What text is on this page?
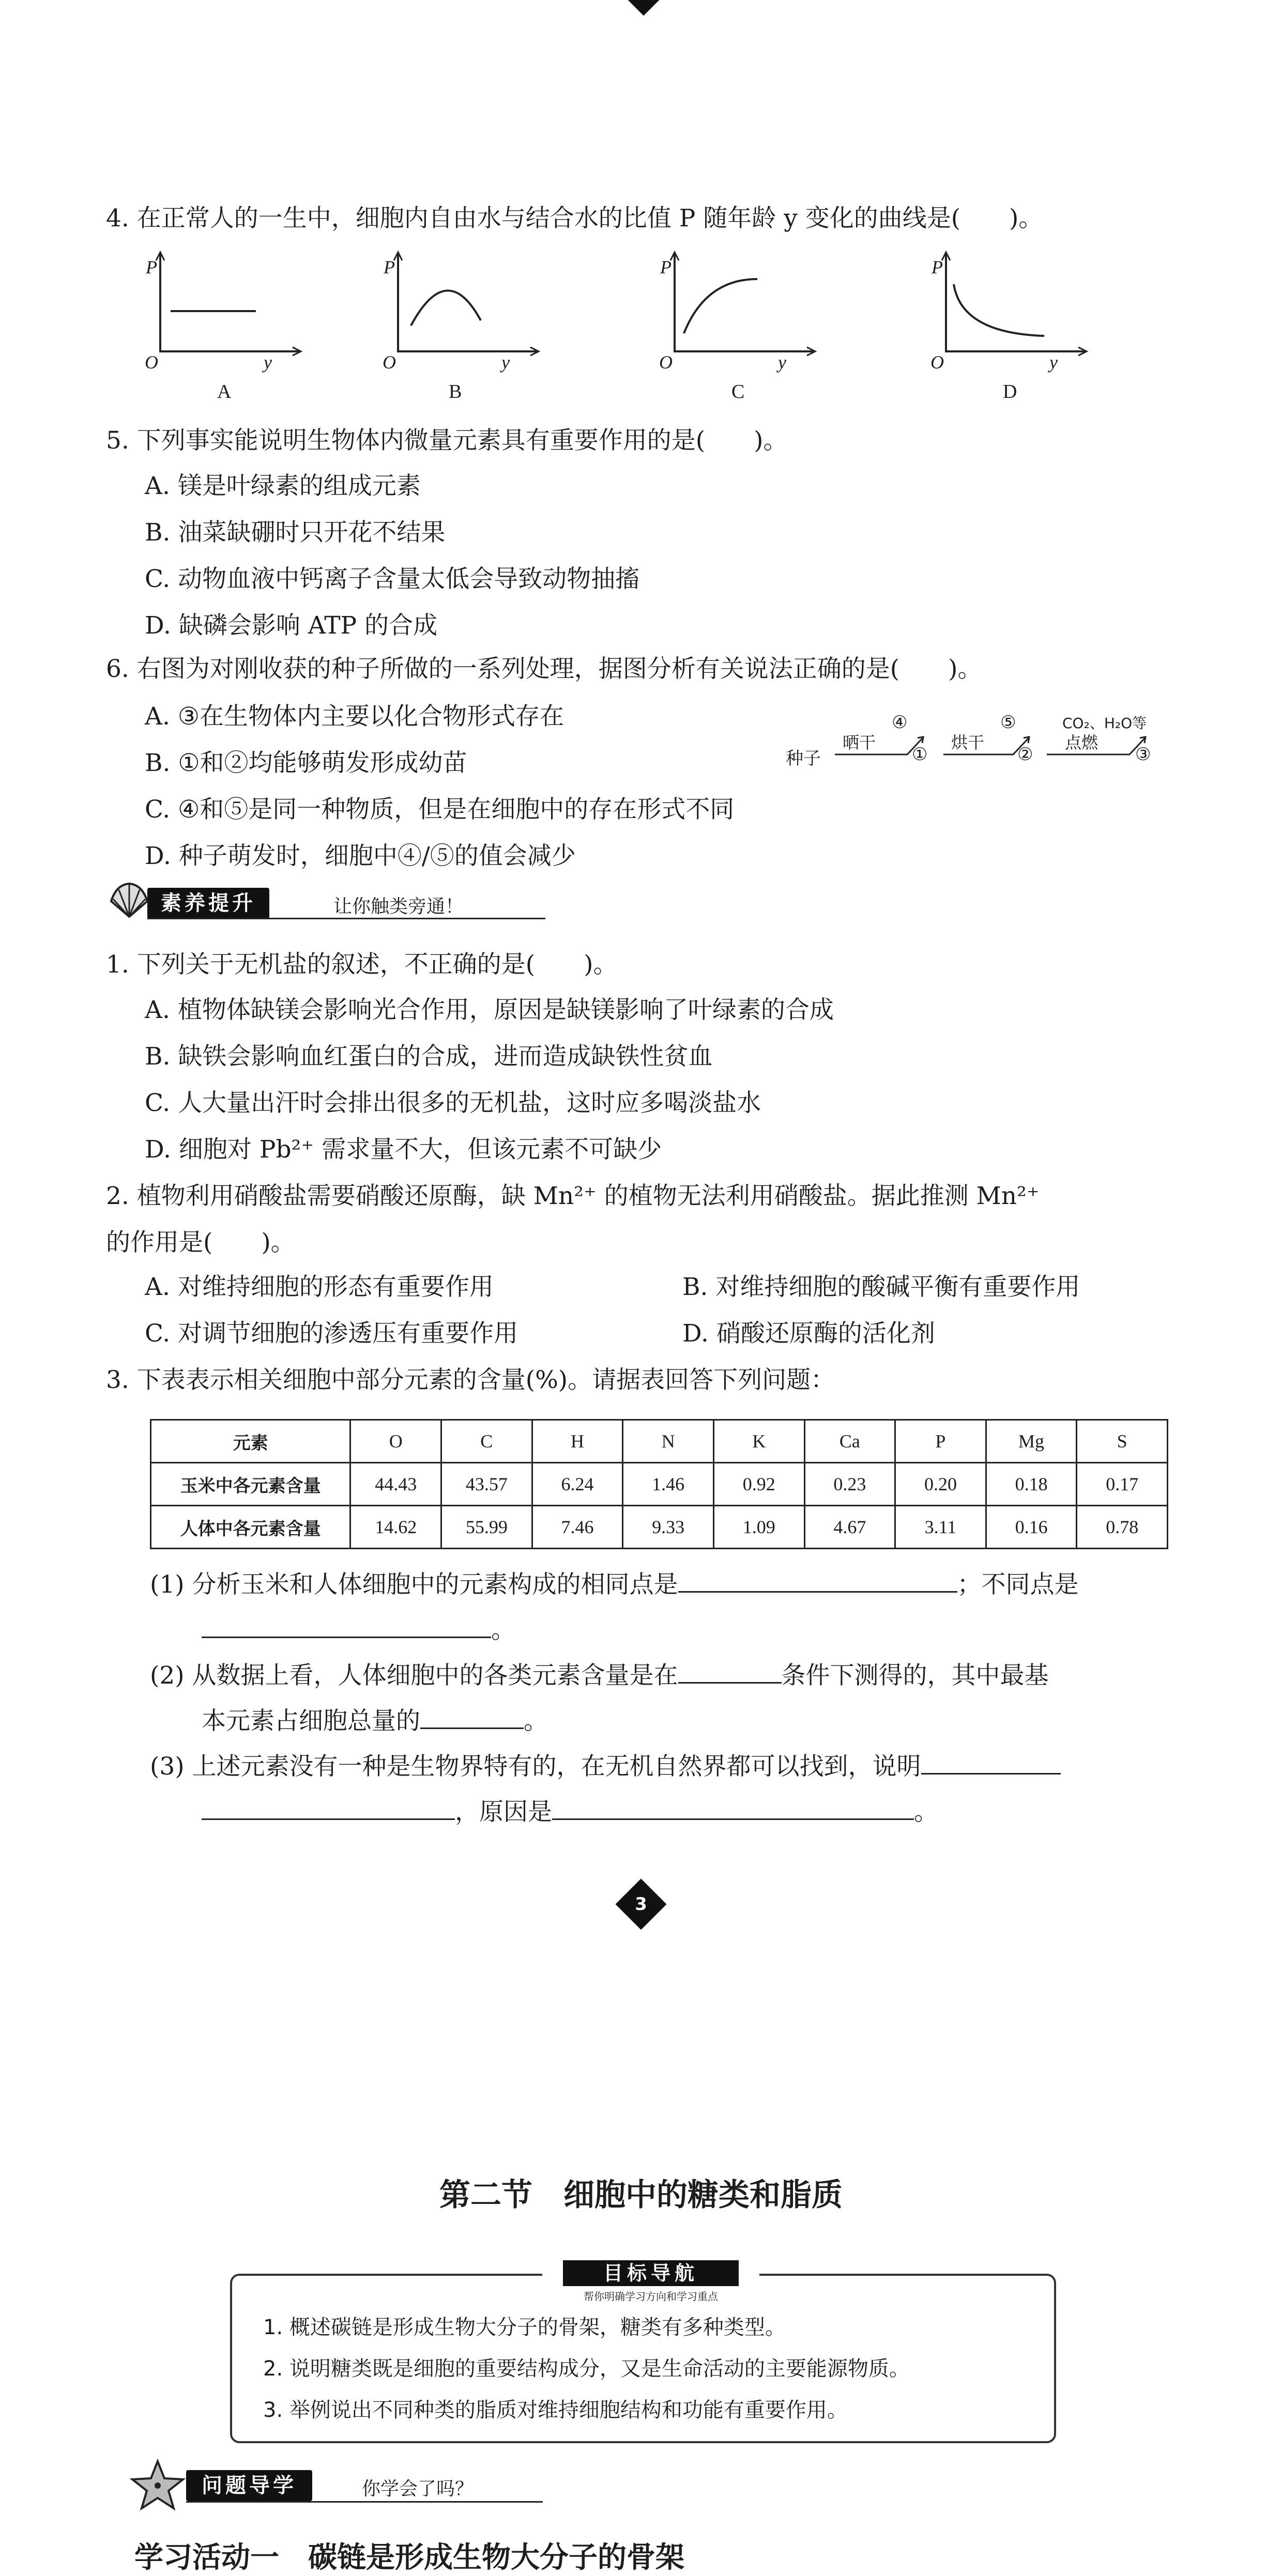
4. 在正常人的一生中，细胞内自由水与结合水的比值 P 随年龄 y 变化的曲线是(　　)。
P
O	y
A
P
O	y
B
P
O	y
C
P
O	y
D
5. 下列事实能说明生物体内微量元素具有重要作用的是(　　)。
A. 镁是叶绿素的组成元素
B. 油菜缺硼时只开花不结果
C. 动物血液中钙离子含量太低会导致动物抽搐
D. 缺磷会影响 ATP 的合成
6. 右图为对刚收获的种子所做的一系列处理，据图分析有关说法正确的是(　　)。
A. ③在生物体内主要以化合物形式存在
B. ①和②均能够萌发形成幼苗
C. ④和⑤是同一种物质，但是在细胞中的存在形式不同
D. 种子萌发时，细胞中④/⑤的值会减少
种子
晒干
④
①
烘干
⑤
②
点燃
CO₂、H₂O等
③
素养提升	让你触类旁通！
1. 下列关于无机盐的叙述，不正确的是(　　)。
A. 植物体缺镁会影响光合作用，原因是缺镁影响了叶绿素的合成
B. 缺铁会影响血红蛋白的合成，进而造成缺铁性贫血
C. 人大量出汗时会排出很多的无机盐，这时应多喝淡盐水
D. 细胞对 Pb²⁺ 需求量不大，但该元素不可缺少
2. 植物利用硝酸盐需要硝酸还原酶，缺 Mn²⁺ 的植物无法利用硝酸盐。据此推测 Mn²⁺
的作用是(　　)。
A. 对维持细胞的形态有重要作用	B. 对维持细胞的酸碱平衡有重要作用
C. 对调节细胞的渗透压有重要作用	D. 硝酸还原酶的活化剂
3. 下表表示相关细胞中部分元素的含量(%)。请据表回答下列问题：
元素	O	C	H	N	K	Ca	P	Mg	S
玉米中各元素含量	44.43	43.57	6.24	1.46	0.92	0.23	0.20	0.18	0.17
人体中各元素含量	14.62	55.99	7.46	9.33	1.09	4.67	3.11	0.16	0.78
(1) 分析玉米和人体细胞中的元素构成的相同点是	；不同点是
。
(2) 从数据上看，人体细胞中的各类元素含量是在	条件下测得的，其中最基
本元素占细胞总量的	。
(3) 上述元素没有一种是生物界特有的，在无机自然界都可以找到，说明
，原因是	。
3
第二节　细胞中的糖类和脂质
目标导航
帮你明确学习方向和学习重点
1. 概述碳链是形成生物大分子的骨架，糖类有多种类型。
2. 说明糖类既是细胞的重要结构成分，又是生命活动的主要能源物质。
3. 举例说出不同种类的脂质对维持细胞结构和功能有重要作用。
问题导学	你学会了吗？
学习活动一　碳链是形成生物大分子的骨架
